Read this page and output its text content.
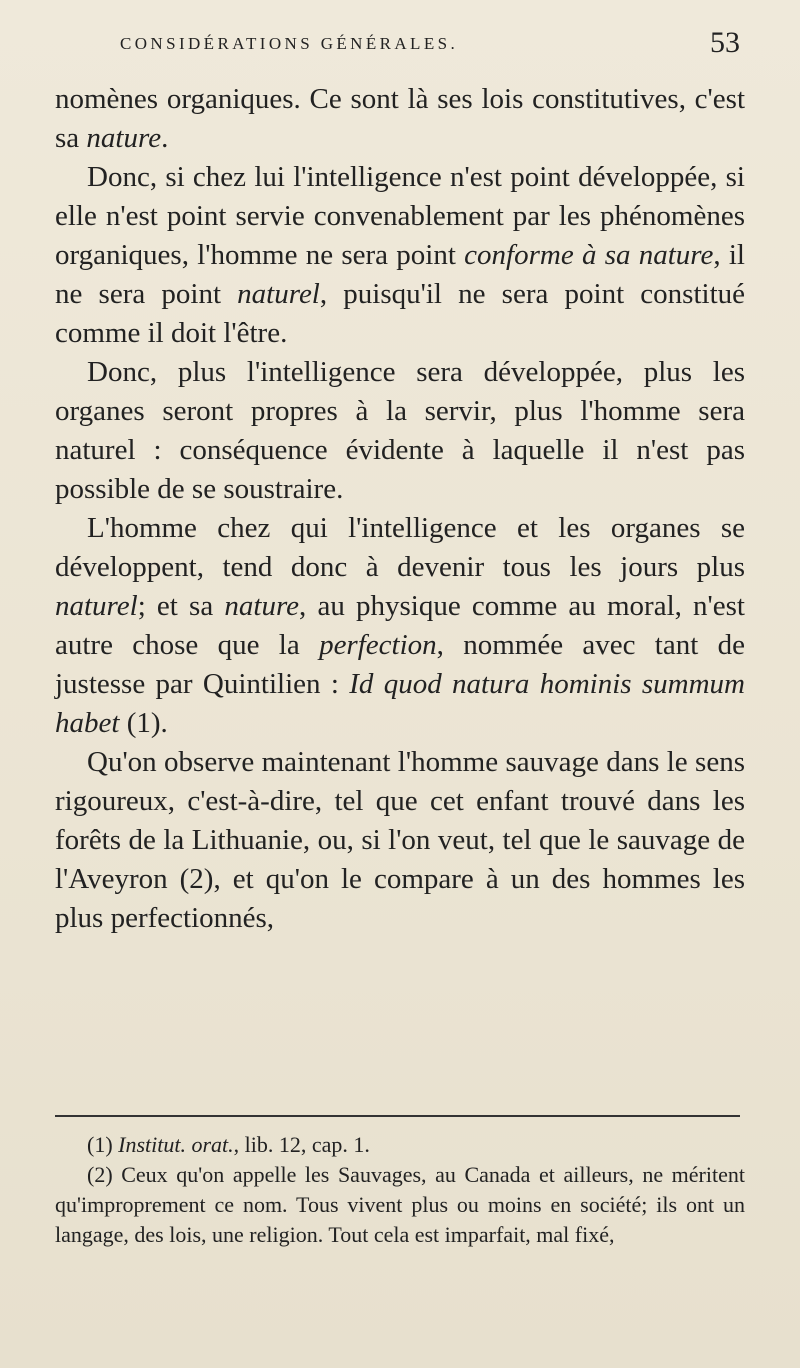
CONSIDÉRATIONS GÉNÉRALES.	53

nomènes organiques. Ce sont là ses lois constitutives, c'est sa nature.

Donc, si chez lui l'intelligence n'est point développée, si elle n'est point servie convenablement par les phénomènes organiques, l'homme ne sera point conforme à sa nature, il ne sera point naturel, puisqu'il ne sera point constitué comme il doit l'être.

Donc, plus l'intelligence sera développée, plus les organes seront propres à la servir, plus l'homme sera naturel : conséquence évidente à laquelle il n'est pas possible de se soustraire.

L'homme chez qui l'intelligence et les organes se développent, tend donc à devenir tous les jours plus naturel; et sa nature, au physique comme au moral, n'est autre chose que la perfection, nommée avec tant de justesse par Quintilien : Id quod natura hominis summum habet (1).

Qu'on observe maintenant l'homme sauvage dans le sens rigoureux, c'est-à-dire, tel que cet enfant trouvé dans les forêts de la Lithuanie, ou, si l'on veut, tel que le sauvage de l'Aveyron (2), et qu'on le compare à un des hommes les plus perfectionnés,

(1) Institut. orat., lib. 12, cap. 1.

(2) Ceux qu'on appelle les Sauvages, au Canada et ailleurs, ne méritent qu'improprement ce nom. Tous vivent plus ou moins en société; ils ont un langage, des lois, une religion. Tout cela est imparfait, mal fixé,
